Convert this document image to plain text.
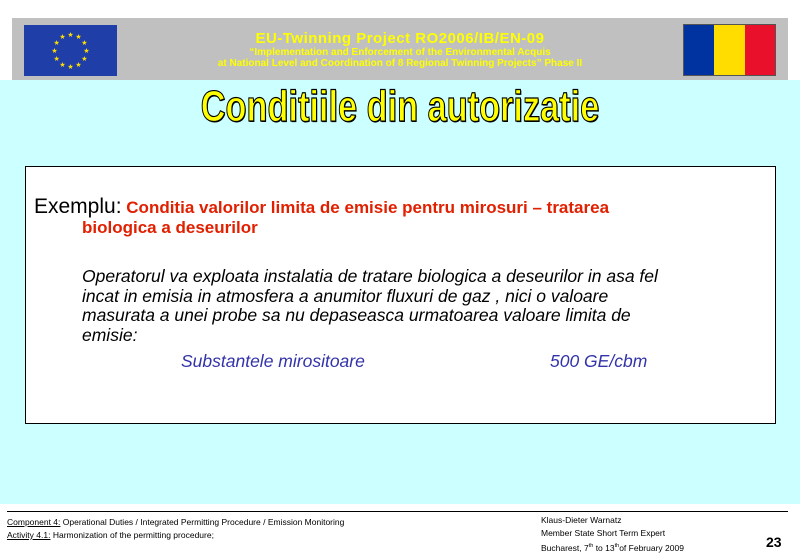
★
★
★
★
★
★
★
★
★ ★ ★
★	EU-Twinning Project RO2006/IB/EN-09
“Implementation and Enforcement of the Environmental Acquis
at National Level and Coordination of 8 Regional Twinning Projects” Phase II
Conditiile din autorizatie
Exemplu: Conditia valorilor limita de emisie pentru mirosuri – tratarea
biologica a deseurilor
Operatorul va exploata instalatia de tratare biologica a deseurilor in asa fel
incat in emisia in atmosfera a anumitor fluxuri de gaz , nici o valoare
masurata a unei probe sa nu depaseasca urmatoarea valoare limita de
emisie:
Substantele mirositoare	500 GE/cbm
Component 4: Operational Duties / Integrated Permitting Procedure / Emission Monitoring
Activity 4.1: Harmonization of the permitting procedure;
Klaus-Dieter Warnatz
Member State Short Term Expert
Bucharest, 7th to 13thof February 2009	23
